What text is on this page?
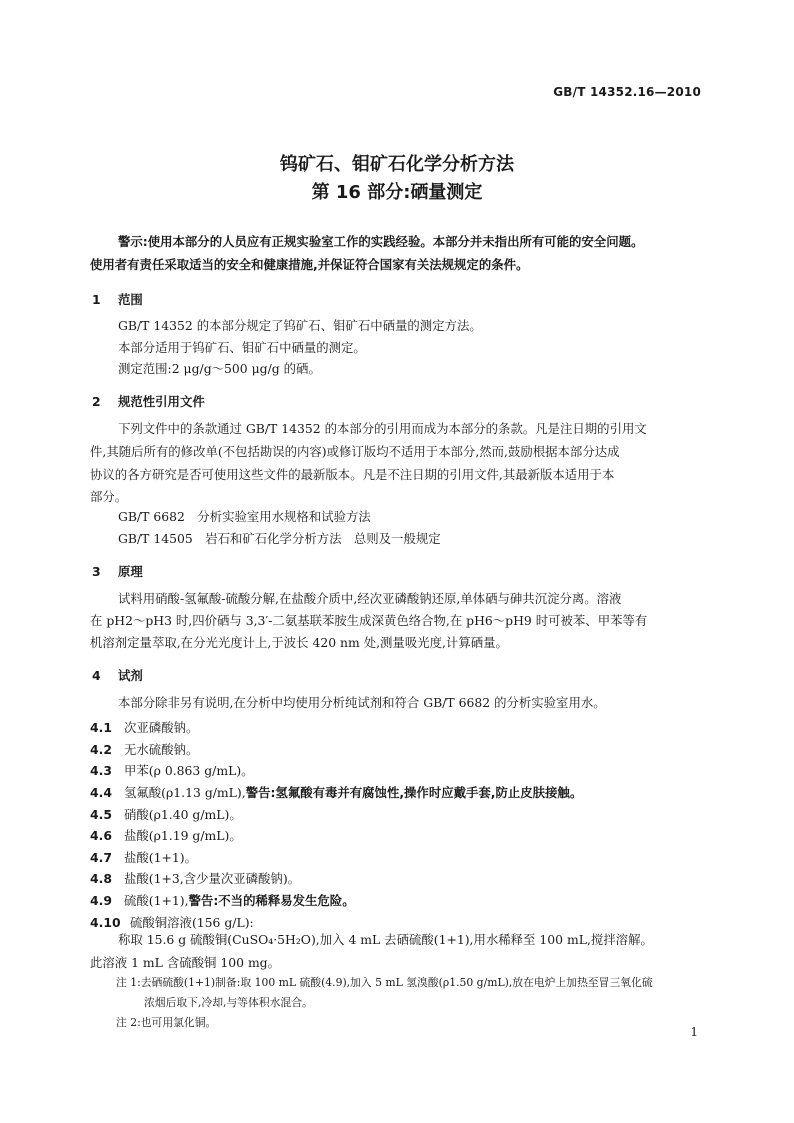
GB/T 14352.16—2010
钨矿石、钼矿石化学分析方法
第 16 部分:硒量测定
警示:使用本部分的人员应有正规实验室工作的实践经验。本部分并未指出所有可能的安全问题。
使用者有责任采取适当的安全和健康措施,并保证符合国家有关法规规定的条件。
1 范围
GB/T 14352 的本部分规定了钨矿石、钼矿石中硒量的测定方法。
本部分适用于钨矿石、钼矿石中硒量的测定。
测定范围:2 μg/g～500 μg/g 的硒。
2 规范性引用文件
下列文件中的条款通过 GB/T 14352 的本部分的引用而成为本部分的条款。凡是注日期的引用文
件,其随后所有的修改单(不包括勘误的内容)或修订版均不适用于本部分,然而,鼓励根据本部分达成
协议的各方研究是否可使用这些文件的最新版本。凡是不注日期的引用文件,其最新版本适用于本
部分。
GB/T 6682　分析实验室用水规格和试验方法
GB/T 14505　岩石和矿石化学分析方法　总则及一般规定
3 原理
试料用硝酸-氢氟酸-硫酸分解,在盐酸介质中,经次亚磷酸钠还原,单体硒与砷共沉淀分离。溶液
在 pH2～pH3 时,四价硒与 3,3′-二氨基联苯胺生成深黄色络合物,在 pH6～pH9 时可被苯、甲苯等有
机溶剂定量萃取,在分光光度计上,于波长 420 nm 处,测量吸光度,计算硒量。
4 试剂
本部分除非另有说明,在分析中均使用分析纯试剂和符合 GB/T 6682 的分析实验室用水。
4.1 次亚磷酸钠。
4.2 无水硫酸钠。
4.3 甲苯(ρ 0.863 g/mL)。
4.4 氢氟酸(ρ1.13 g/mL),警告:氢氟酸有毒并有腐蚀性,操作时应戴手套,防止皮肤接触。
4.5 硝酸(ρ1.40 g/mL)。
4.6 盐酸(ρ1.19 g/mL)。
4.7 盐酸(1+1)。
4.8 盐酸(1+3,含少量次亚磷酸钠)。
4.9 硫酸(1+1),警告:不当的稀释易发生危险。
4.10 硫酸铜溶液(156 g/L):
称取 15.6 g 硫酸铜(CuSO₄·5H₂O),加入 4 mL 去硒硫酸(1+1),用水稀释至 100 mL,搅拌溶解。
此溶液 1 mL 含硫酸铜 100 mg。
注 1:去硒硫酸(1+1)制备:取 100 mL 硫酸(4.9),加入 5 mL 氢溴酸(ρ1.50 g/mL),放在电炉上加热至冒三氧化硫
浓烟后取下,冷却,与等体积水混合。
注 2:也可用氯化铜。
1
